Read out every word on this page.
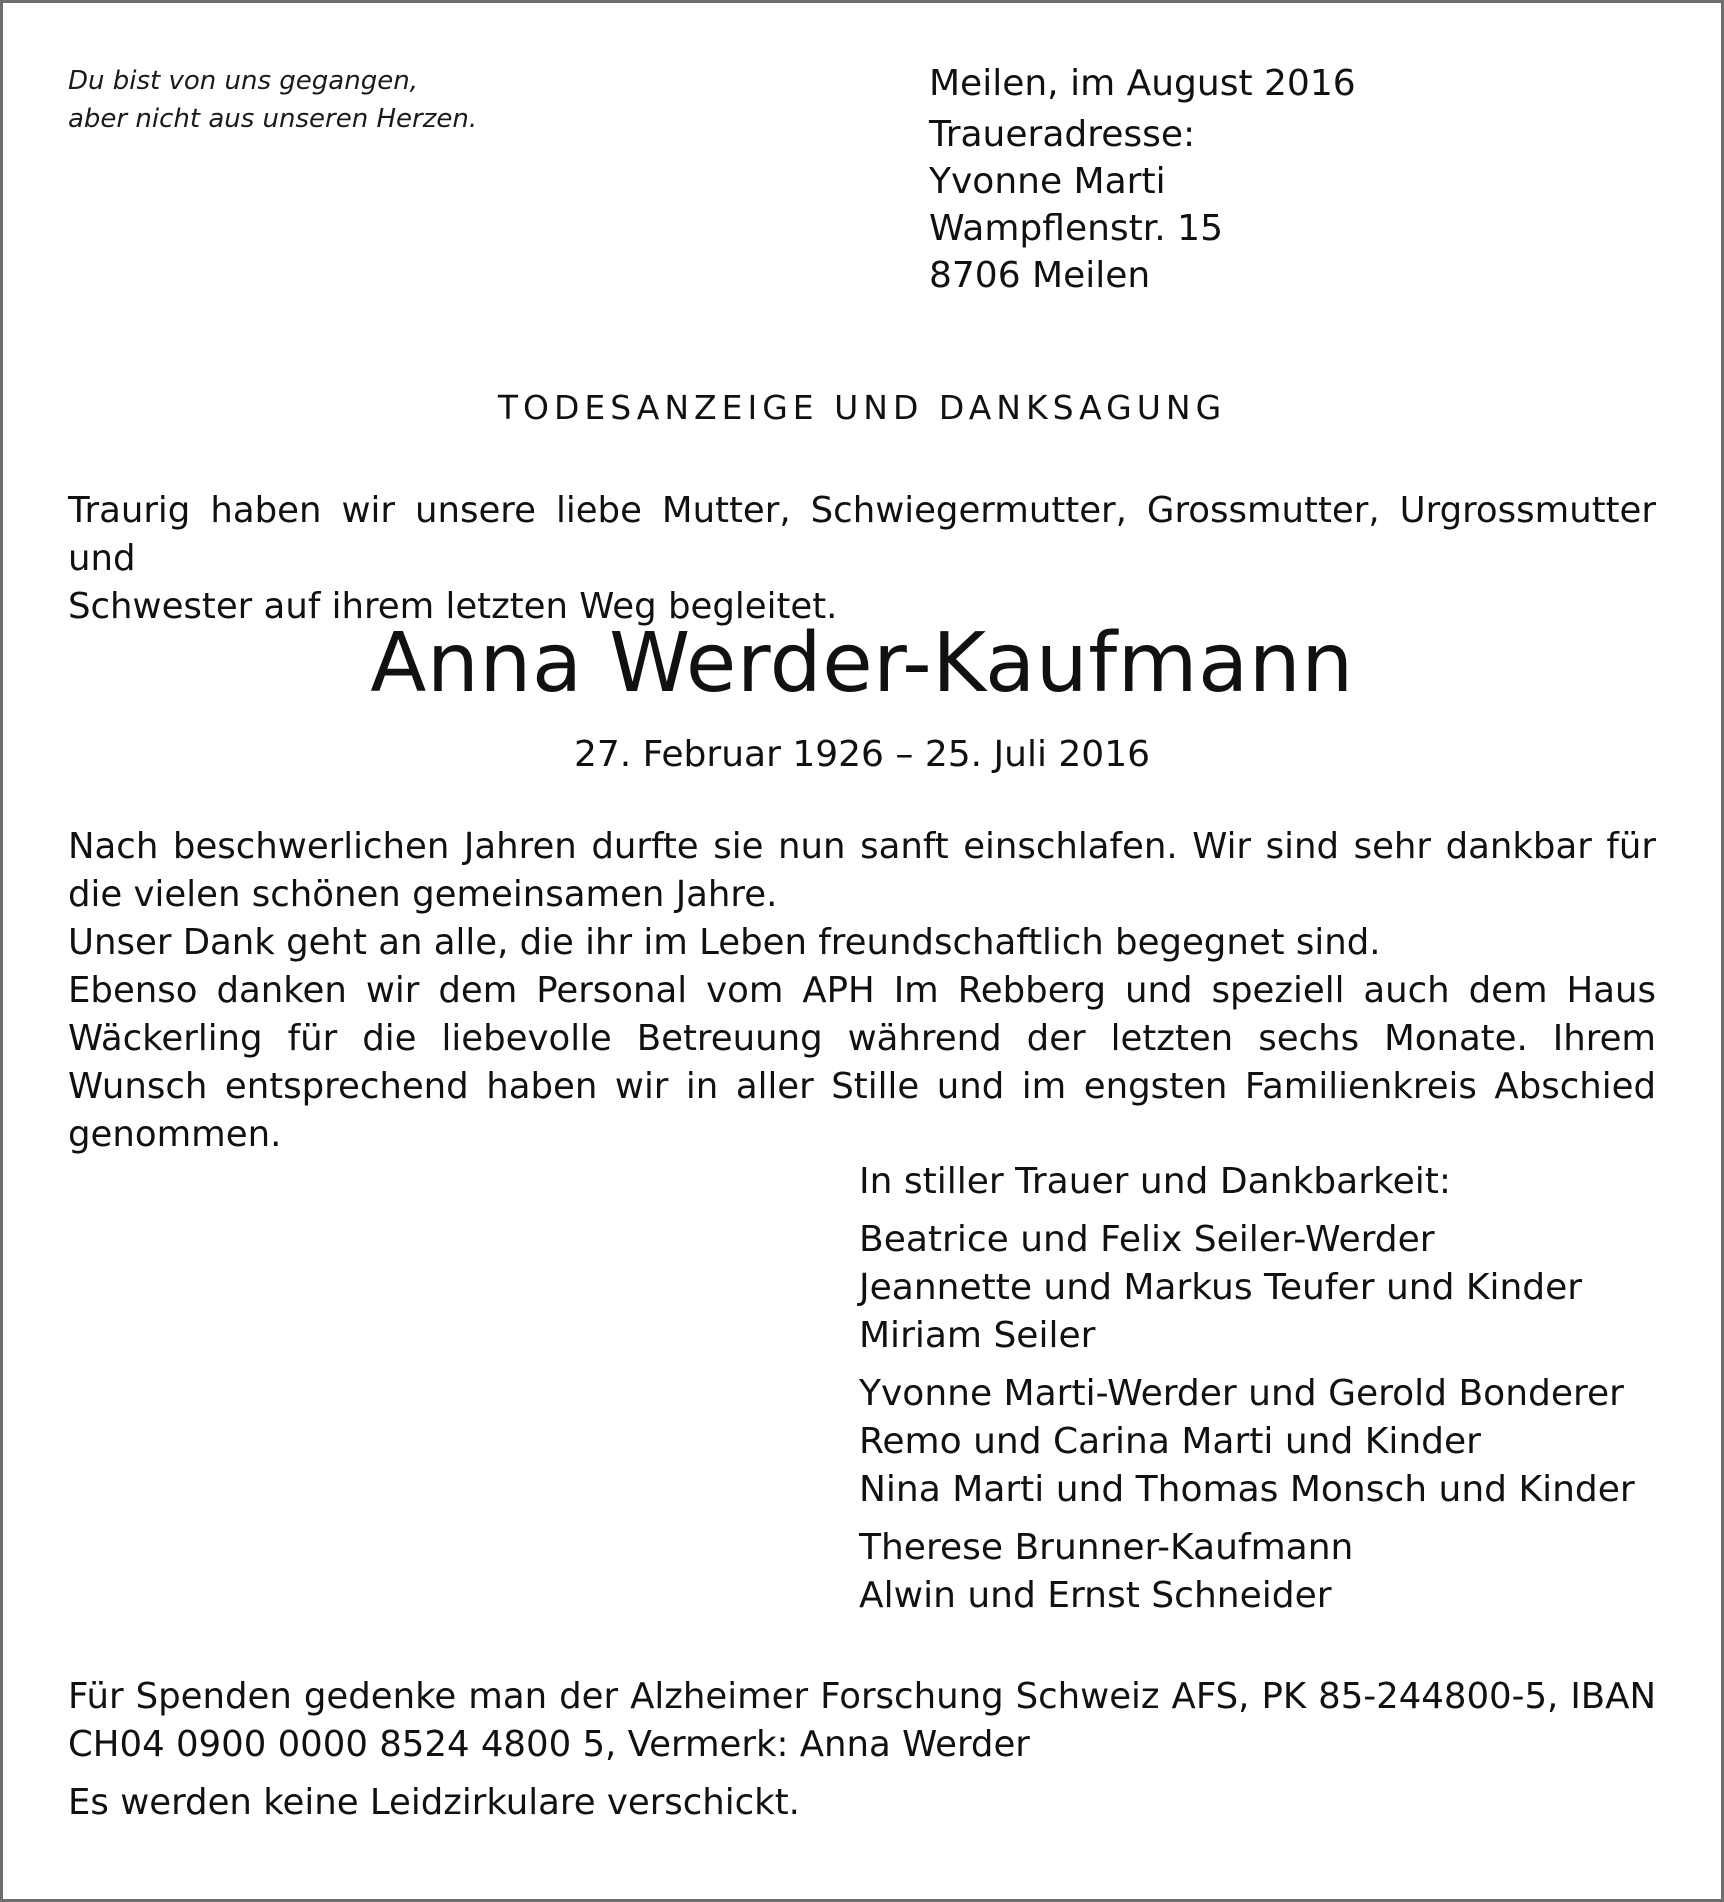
Du bist von uns gegangen,
aber nicht aus unseren Herzen.
Meilen, im August 2016
Traueradresse:
Yvonne Marti
Wampflenstr. 15
8706 Meilen
TODESANZEIGE UND DANKSAGUNG

Traurig haben wir unsere liebe Mutter, Schwiegermutter, Grossmutter, Urgrossmutter und

Schwester auf ihrem letzten Weg begleitet.

Anna Werder-Kaufmann
27. Februar 1926 – 25. Juli 2016

Nach beschwerlichen Jahren durfte sie nun sanft einschlafen. Wir sind sehr dankbar für die vielen schönen gemeinsamen Jahre.

Unser Dank geht an alle, die ihr im Leben freundschaftlich begegnet sind.

Ebenso danken wir dem Personal vom APH Im Rebberg und speziell auch dem Haus Wäckerling für die liebevolle Betreuung während der letzten sechs Monate. Ihrem Wunsch entsprechend haben wir in aller Stille und im engsten Familienkreis Abschied genommen.

In stiller Trauer und Dankbarkeit:
Beatrice und Felix Seiler-Werder
Jeannette und Markus Teufer und Kinder
Miriam Seiler
Yvonne Marti-Werder und Gerold Bonderer
Remo und Carina Marti und Kinder
Nina Marti und Thomas Monsch und Kinder
Therese Brunner-Kaufmann
Alwin und Ernst Schneider

Für Spenden gedenke man der Alzheimer Forschung Schweiz AFS, PK 85-244800-5, IBAN CH04 0900 0000 8524 4800 5, Vermerk: Anna Werder

Es werden keine Leidzirkulare verschickt.
